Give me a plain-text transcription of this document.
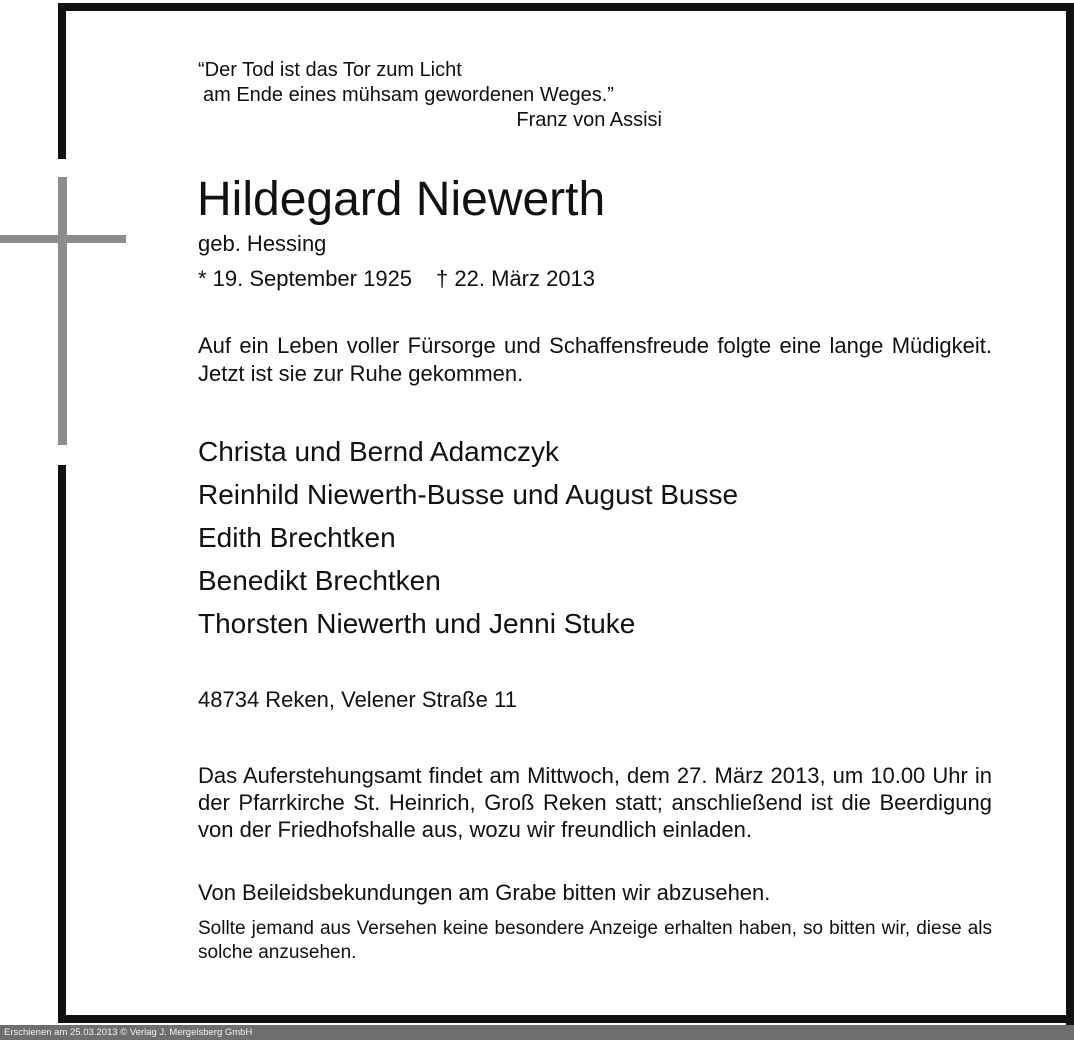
“Der Tod ist das Tor zum Licht
am Ende eines mühsam gewordenen Weges.”
Franz von Assisi
Hildegard Niewerth
geb. Hessing
* 19. September 1925 † 22. März 2013
Auf ein Leben voller Fürsorge und Schaffensfreude folgte eine lange Müdigkeit. Jetzt ist sie zur Ruhe gekommen.
Christa und Bernd Adamczyk
Reinhild Niewerth-Busse und August Busse
Edith Brechtken
Benedikt Brechtken
Thorsten Niewerth und Jenni Stuke
48734 Reken, Velener Straße 11
Das Auferstehungsamt findet am Mittwoch, dem 27. März 2013, um 10.00 Uhr in der Pfarrkirche St. Heinrich, Groß Reken statt; anschließend ist die Beerdigung von der Friedhofshalle aus, wozu wir freundlich einladen.
Von Beileidsbekundungen am Grabe bitten wir abzusehen.
Sollte jemand aus Versehen keine besondere Anzeige erhalten haben, so bitten wir, diese als solche anzusehen.
Erschienen am 25.03.2013 © Verlag J. Mergelsberg GmbH
